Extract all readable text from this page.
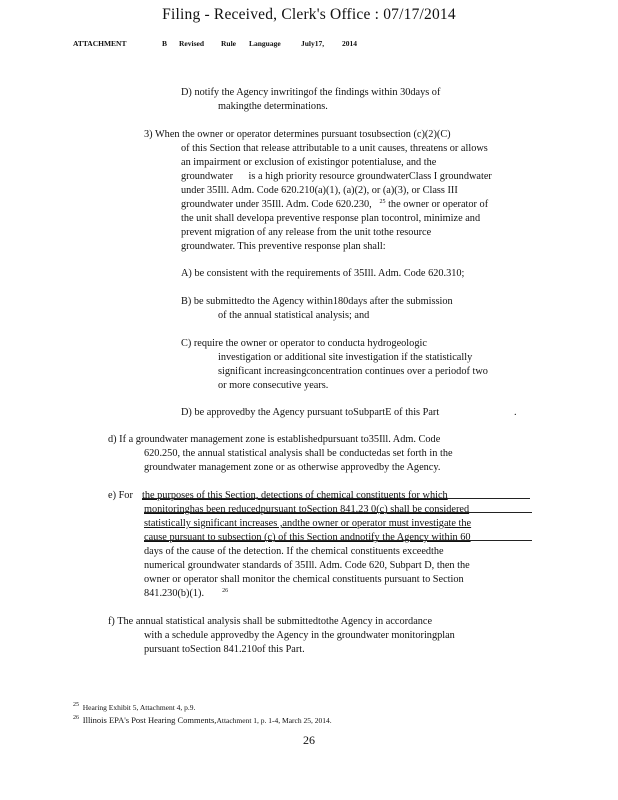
Filing - Received, Clerk's Office : 07/17/2014
ATTACHMENT	B Revised Rule Language	July17, 2014
D) notify the Agency inwritingof the findings within 30days of
makingthe determinations.
3) When the owner or operator determines pursuant tosubsection (c)(2)(C)
of this Section that release attributable to a unit causes, threatens or allows
an impairment or exclusion of existingor potentialuse, and the
groundwater is a high priority resource groundwaterClass I groundwater
under 35Ill. Adm. Code 620.210(a)(1), (a)(2), or (a)(3), or Class III
groundwater under 35Ill. Adm. Code 620.230, $^{25}$ the owner or operator of
the unit shall developa preventive response plan tocontrol, minimize and
prevent migration of any release from the unit tothe resource
groundwater. This preventive response plan shall:
A) be consistent with the requirements of 35Ill. Adm. Code 620.310;
B) be submittedto the Agency within180days after the submission
of the annual statistical analysis; and
C) require the owner or operator to conducta hydrogeologic
investigation or additional site investigation if the statistically
significant increasingconcentration continues over a periodof two
or more consecutive years.
D) be approvedby the Agency pursuant toSubpartE of this Part	.
d) If a groundwater management zone is establishedpursuant to35Ill. Adm. Code
620.250, the annual statistical analysis shall be conductedas set forth in the
groundwater management zone or as otherwise approvedby the Agency.
e) For the purposes of this Section, detections of chemical constituents for which
monitoringhas been reducedpursuant toSection 841.23 0(c) shall be considered
statistically significant increases ,andthe owner or operator must investigate the
cause pursuant to subsection (c) of this Section andnotify the Agency within 60
days of the cause of the detection. If the chemical constituents exceedthe
numerical groundwater standards of 35Ill. Adm. Code 620, Subpart D, then the
owner or operator shall monitor the chemical constituents pursuant to Section
841.230(b)(1).	$^{26}$
f) The annual statistical analysis shall be submittedtothe Agency in accordance
with a schedule approvedby the Agency in the groundwater monitoringplan
pursuant toSection 841.210of this Part.
$^{25}$ Hearing Exhibit 5, Attachment 4, p.9.
$^{26}$ Illinois EPA's Post Hearing Comments,Attachment 1, p. 1-4, March 25, 2014.
26
